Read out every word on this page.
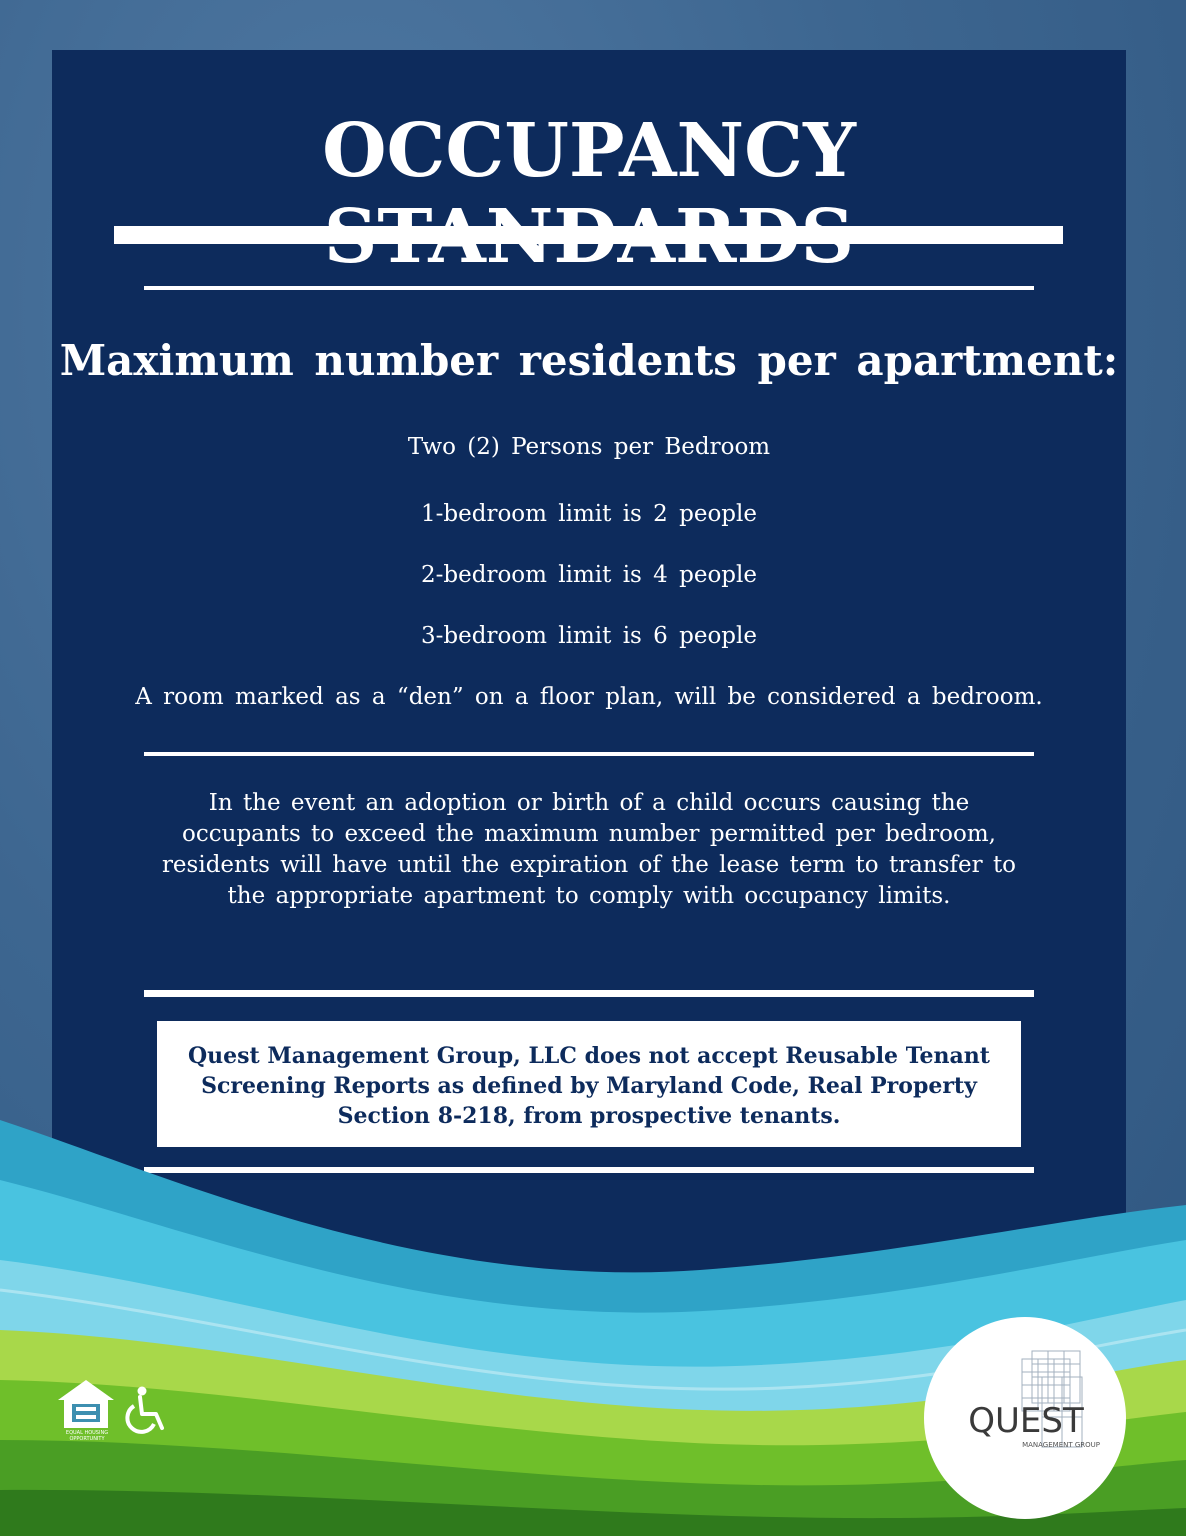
OCCUPANCY
Maximum number residents per apartment:

Two (2) Persons per Bedroom

1-bedroom limit is 2 people

2-bedroom limit is 4 people

3-bedroom limit is 6 people

A room marked as a “den” on a floor plan, will be considered a bedroom.

In the event an adoption or birth of a child occurs causing the occupants to exceed the maximum number permitted per bedroom, residents will have until the expiration of the lease term to transfer to the appropriate apartment to comply with occupancy limits.

Quest Management Group, LLC does not accept Reusable Tenant Screening Reports as defined by Maryland Code, Real Property Section 8-218, from prospective tenants.

EQUAL HOUSING OPPORTUNITY	QUEST
MANAGEMENT GROUP
